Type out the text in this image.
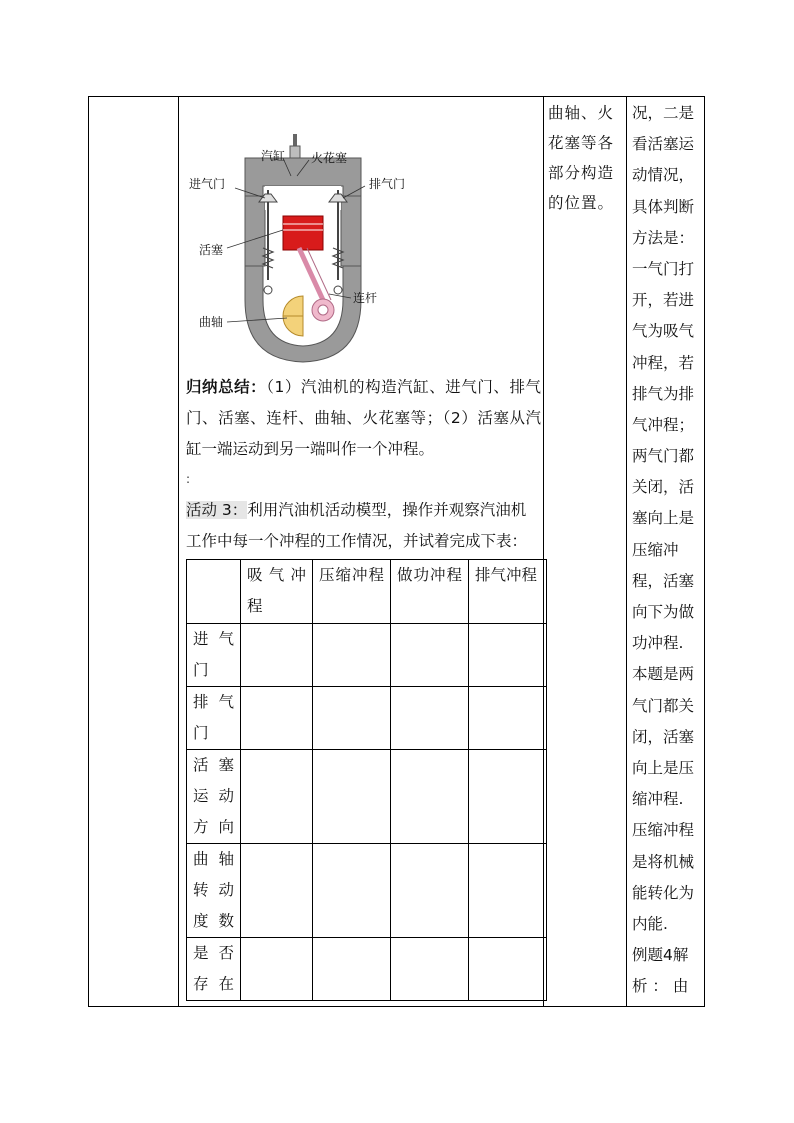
曲轴、火花塞等各部分构造的位置。
况，二是
看活塞运
动情况，
具体判断
方法是：
一气门打
开，若进
气为吸气
冲程，若
排气为排
气冲程；
两气门都
关闭，活
塞向上是
压缩冲
程，活塞
向下为做
功冲程.
本题是两
气门都关
闭，活塞
向上是压
缩冲程.
压缩冲程
是将机械
能转化为
内能.
例题4解
析 ： 由
汽缸 火花塞
进气门	排气门
活塞
连杆
曲轴
归纳总结：（1）汽油机的构造汽缸、进气门、排气门、活塞、连杆、曲轴、火花塞等；（2）活塞从汽缸一端运动到另一端叫作一个冲程。
:
活动 3：利用汽油机活动模型，操作并观察汽油机工作中每一个冲程的工作情况，并试着完成下表：
	吸气冲程	压缩冲程	做功冲程	排气冲程
进气门				
排气门				
活塞运动方向				
曲轴转动度数				
是否存在				
